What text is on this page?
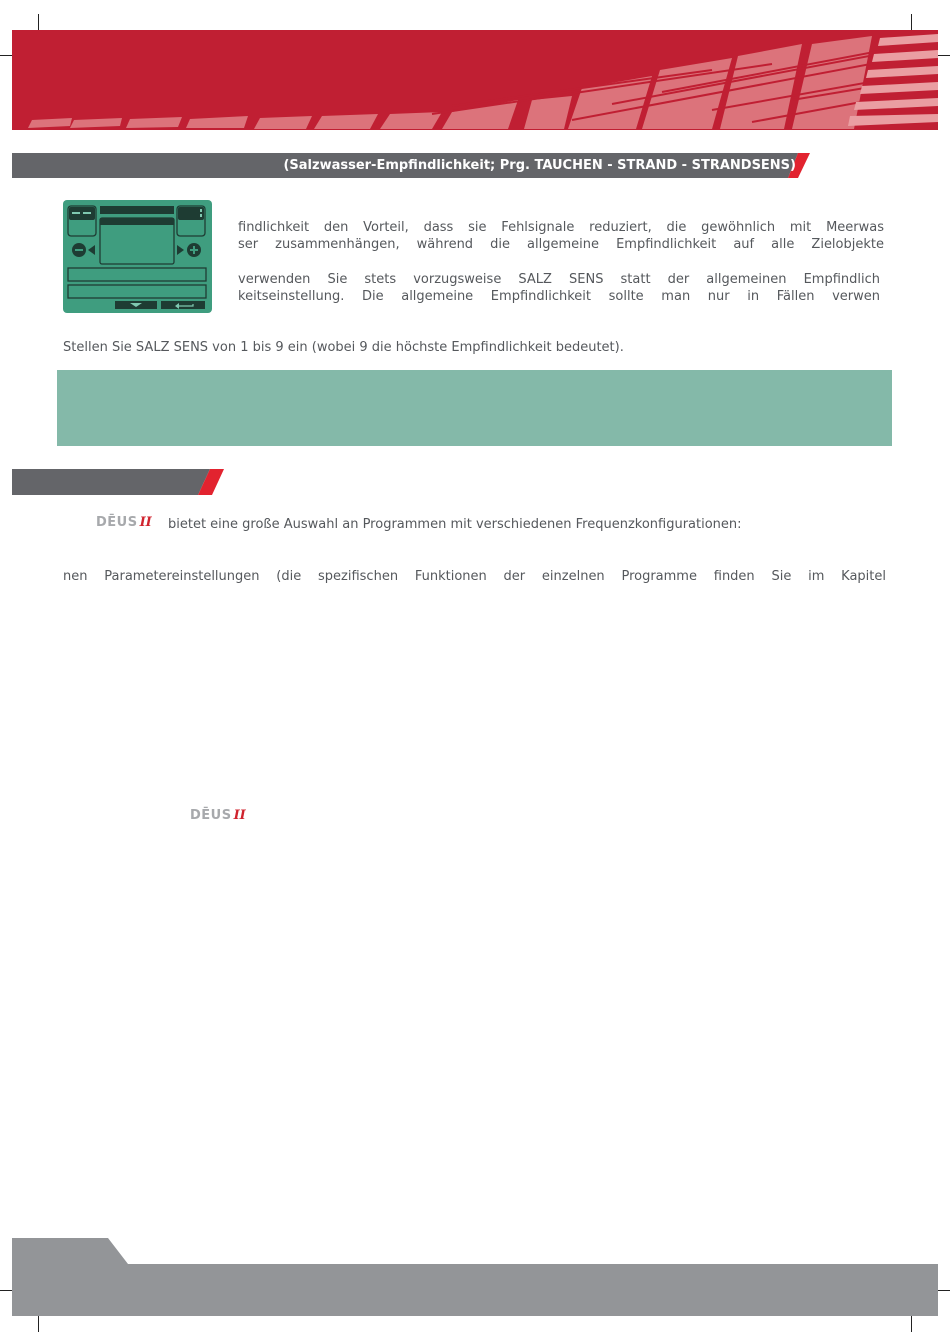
(Salzwasser-Empfindlichkeit; Prg. TAUCHEN - STRAND - STRANDSENS)
findlichkeit den Vorteil, dass sie Fehlsignale reduziert, die gewöhnlich mit Meerwas
ser zusammenhängen, während die allgemeine Empfindlichkeit auf alle Zielobjekte
verwenden Sie stets vorzugsweise SALZ SENS statt der allgemeinen Empfindlich
keitseinstellung. Die allgemeine Empfindlichkeit sollte man nur in Fällen verwen
Stellen Sie SALZ SENS von 1 bis 9 ein (wobei 9 die höchste Empfindlichkeit bedeutet).
DĒUS II bietet eine große Auswahl an Programmen mit verschiedenen Frequenzkonfigurationen:
nen Parametereinstellungen (die spezifischen Funktionen der einzelnen Programme finden Sie im Kapitel
DĒUS II
